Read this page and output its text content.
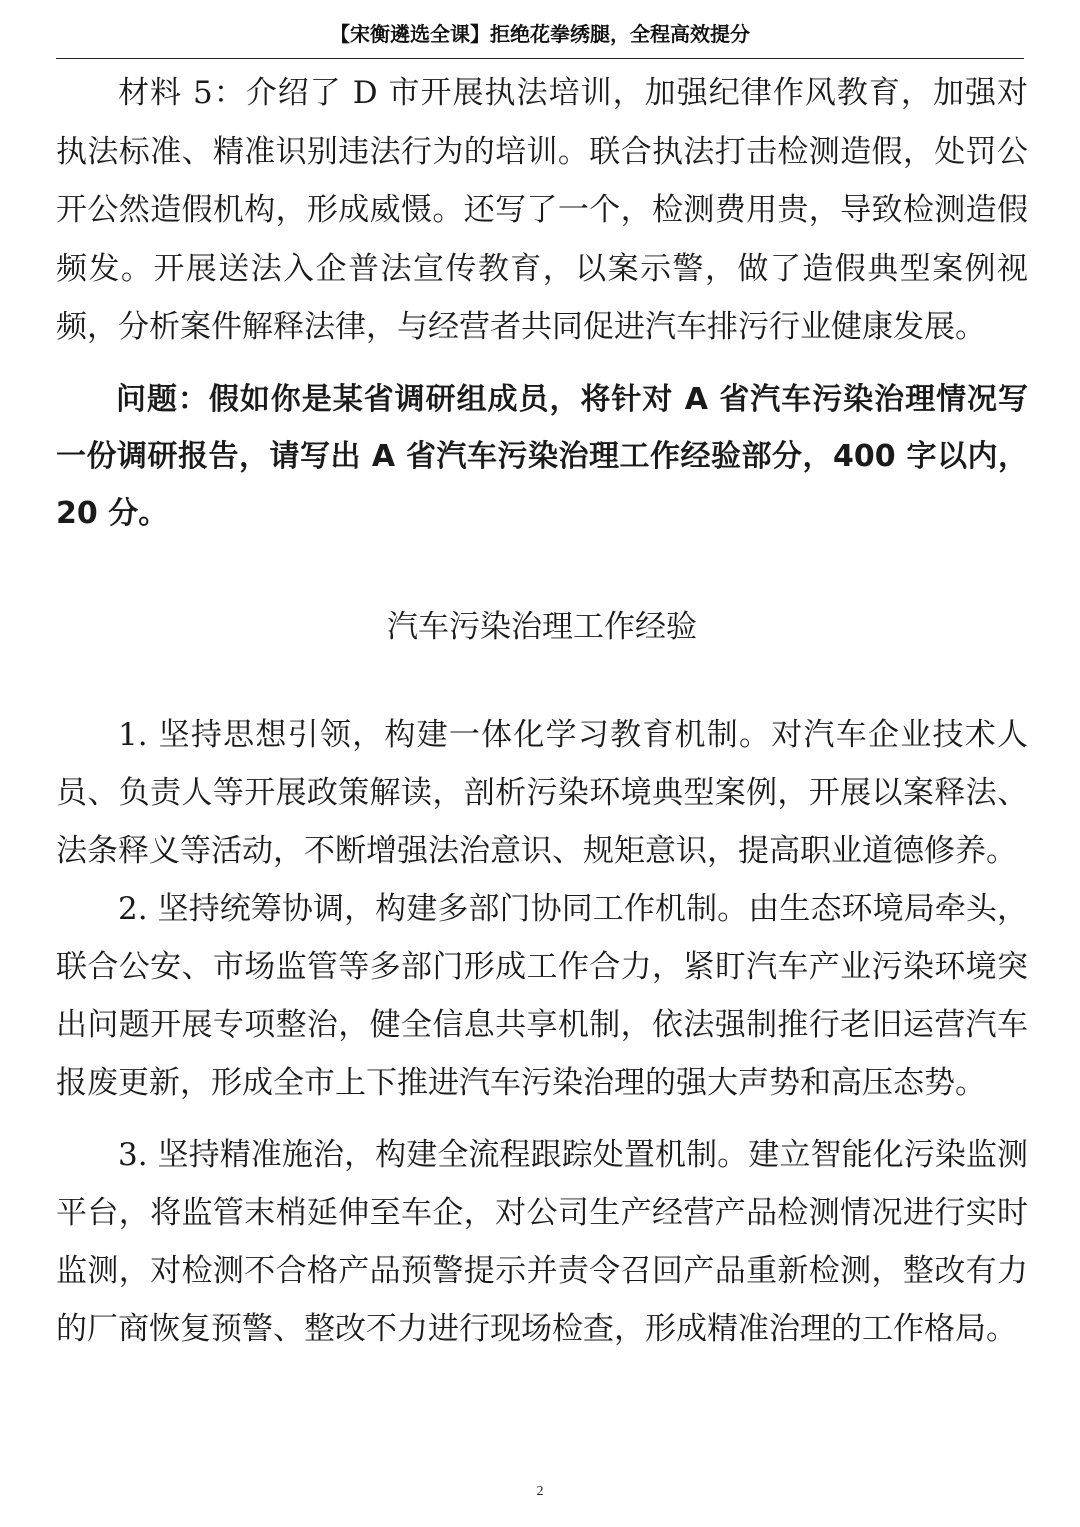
【宋衡遴选全课】拒绝花拳绣腿，全程高效提分

材料 5：介绍了 D 市开展执法培训，加强纪律作风教育，加强对执法标准、精准识别违法行为的培训。联合执法打击检测造假，处罚公开公然造假机构，形成威慑。还写了一个，检测费用贵，导致检测造假频发。开展送法入企普法宣传教育，以案示警，做了造假典型案例视频，分析案件解释法律，与经营者共同促进汽车排污行业健康发展。

问题：假如你是某省调研组成员，将针对 A 省汽车污染治理情况写一份调研报告，请写出 A 省汽车污染治理工作经验部分，400 字以内，20 分。

汽车污染治理工作经验

1. 坚持思想引领，构建一体化学习教育机制。对汽车企业技术人员、负责人等开展政策解读，剖析污染环境典型案例，开展以案释法、法条释义等活动，不断增强法治意识、规矩意识，提高职业道德修养。

2. 坚持统筹协调，构建多部门协同工作机制。由生态环境局牵头，联合公安、市场监管等多部门形成工作合力，紧盯汽车产业污染环境突出问题开展专项整治，健全信息共享机制，依法强制推行老旧运营汽车报废更新，形成全市上下推进汽车污染治理的强大声势和高压态势。

3. 坚持精准施治，构建全流程跟踪处置机制。建立智能化污染监测平台，将监管末梢延伸至车企，对公司生产经营产品检测情况进行实时监测，对检测不合格产品预警提示并责令召回产品重新检测，整改有力的厂商恢复预警、整改不力进行现场检查，形成精准治理的工作格局。

2
